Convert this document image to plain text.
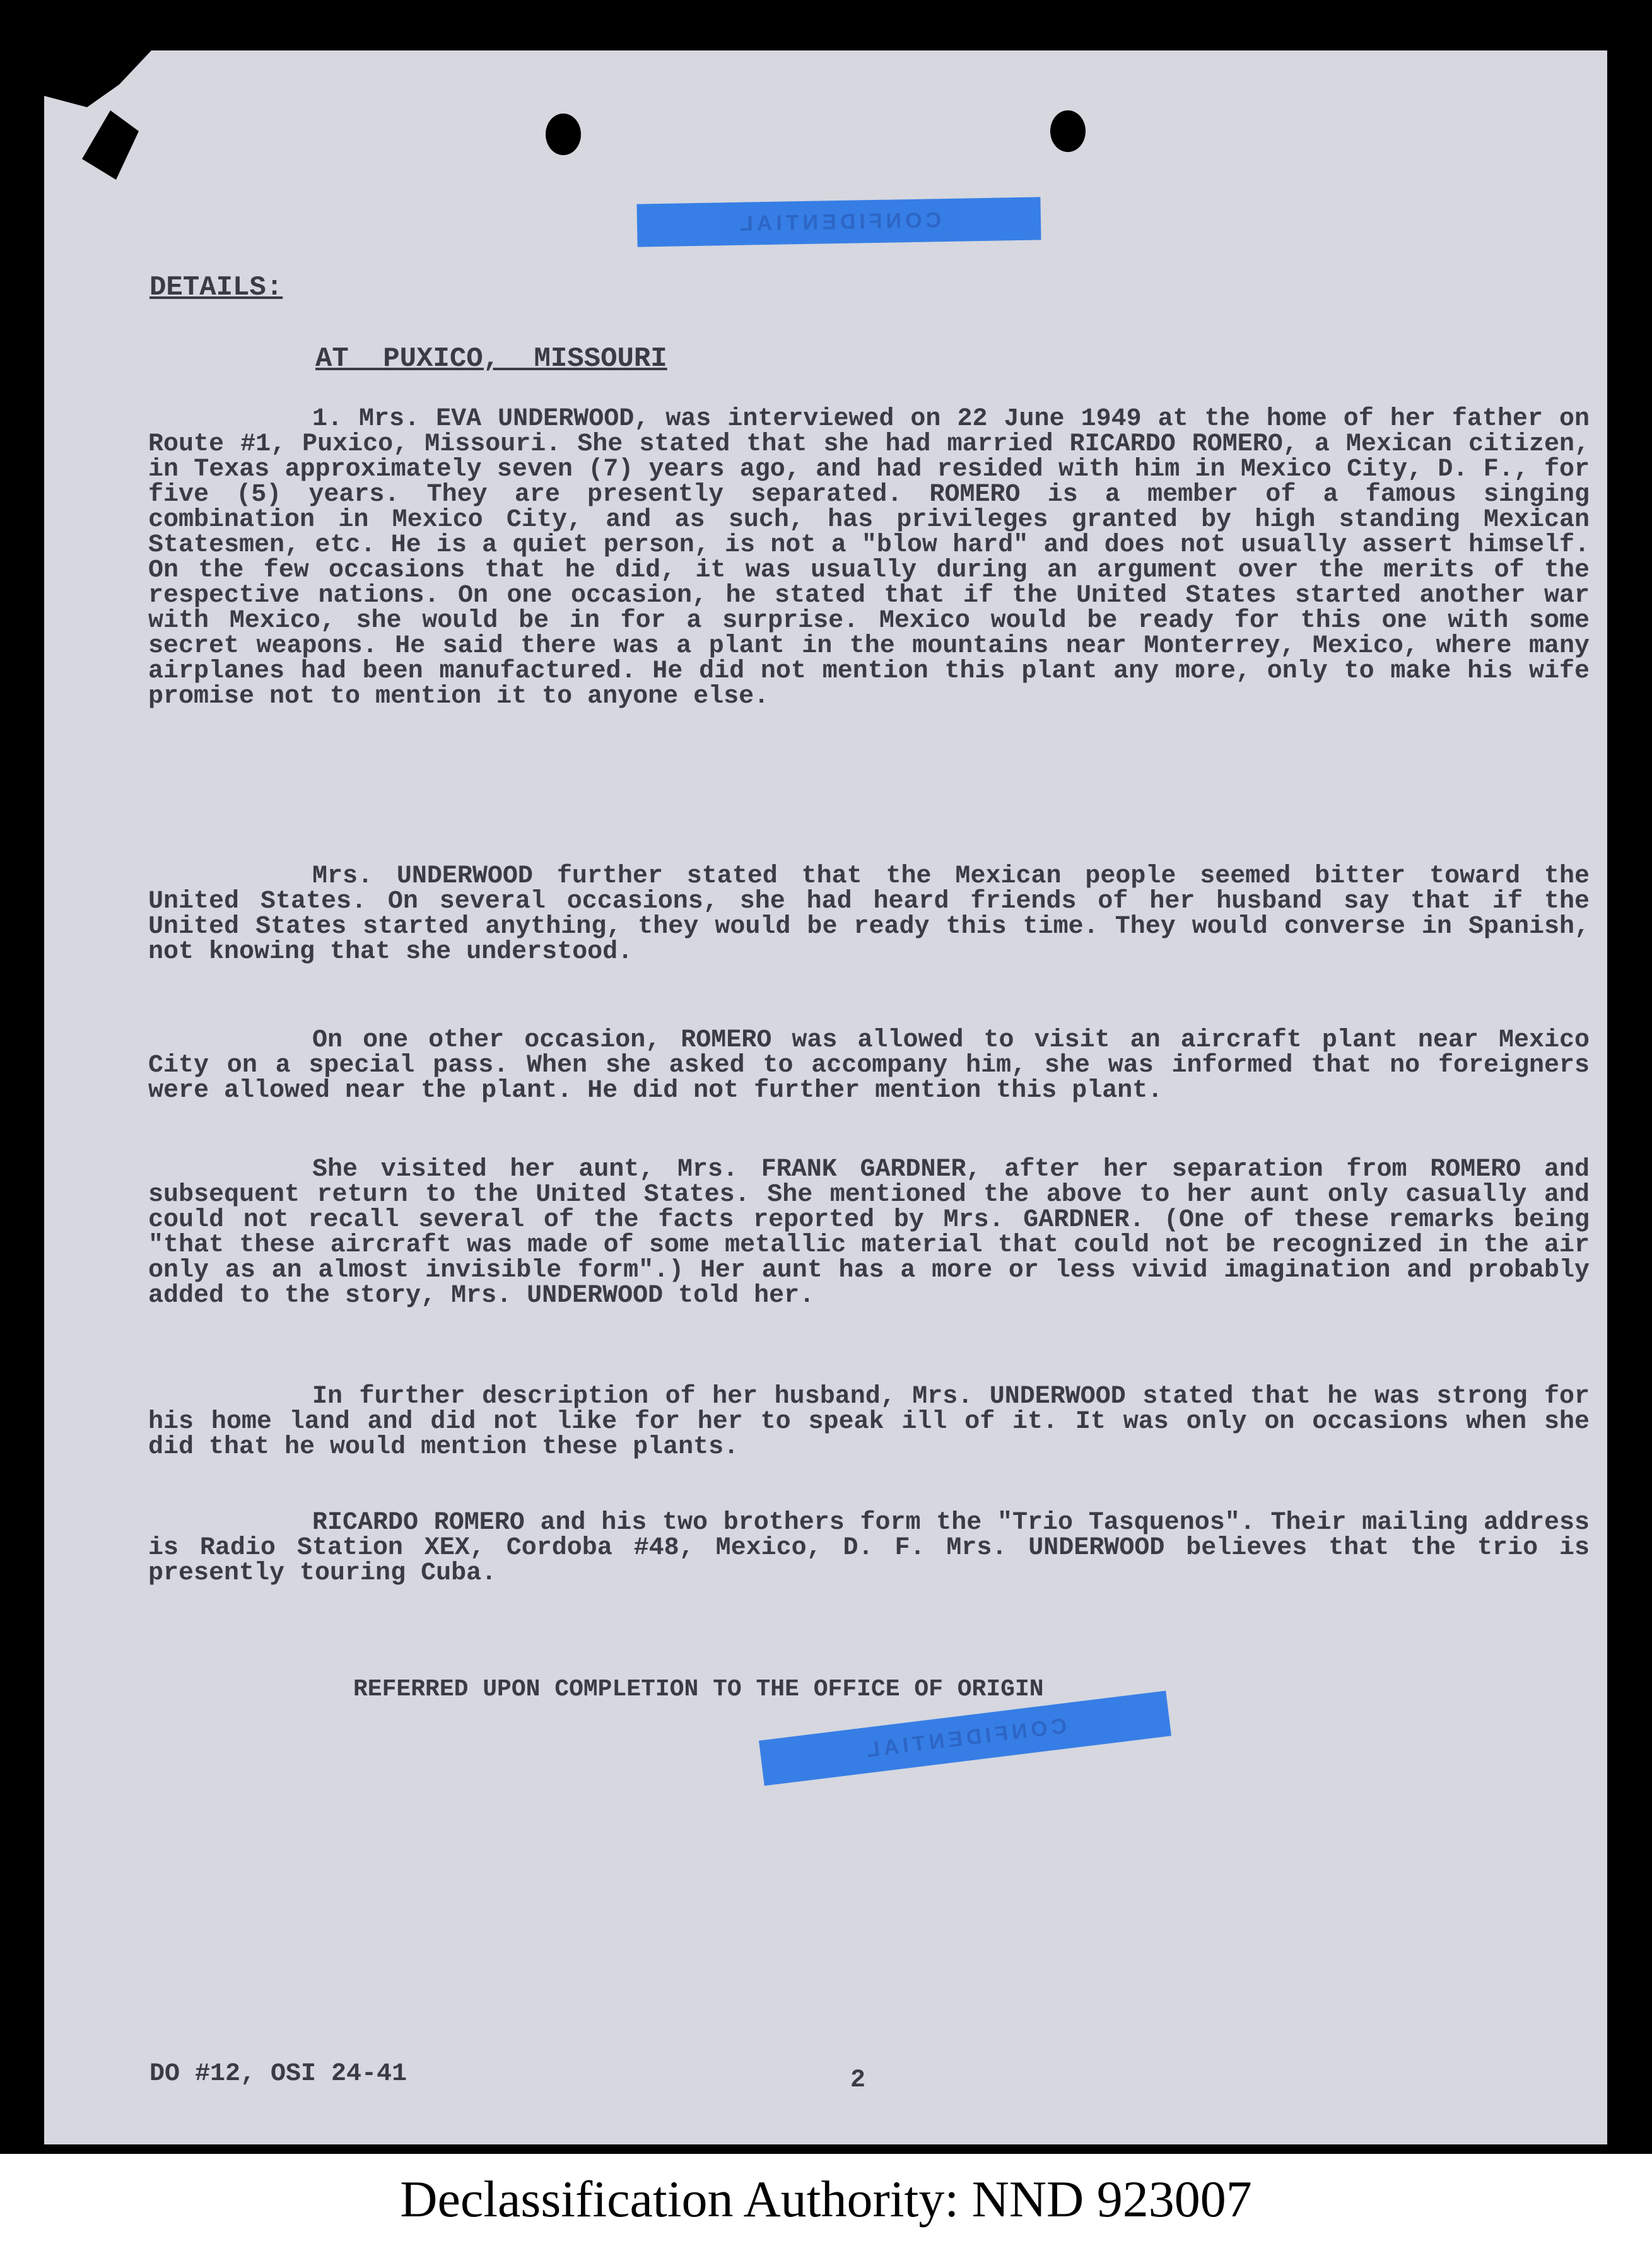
CONFIDENTIAL
DETAILS:
AT PUXICO, MISSOURI
1. Mrs. EVA UNDERWOOD, was interviewed on 22 June 1949 at the home of her father on Route #1, Puxico, Missouri. She stated that she had married RICARDO ROMERO, a Mexican citizen, in Texas approximately seven (7) years ago, and had resided with him in Mexico City, D. F., for five (5) years. They are presently separated. ROMERO is a member of a famous singing combination in Mexico City, and as such, has privileges granted by high standing Mexican Statesmen, etc. He is a quiet person, is not a "blow hard" and does not usually assert himself. On the few occasions that he did, it was usually during an argument over the merits of the respective nations. On one occasion, he stated that if the United States started another war with Mexico, she would be in for a surprise. Mexico would be ready for this one with some secret weapons. He said there was a plant in the mountains near Monterrey, Mexico, where many airplanes had been manufactured. He did not mention this plant any more, only to make his wife promise not to mention it to anyone else.
Mrs. UNDERWOOD further stated that the Mexican people seemed bitter toward the United States. On several occasions, she had heard friends of her husband say that if the United States started anything, they would be ready this time. They would converse in Spanish, not knowing that she understood.
On one other occasion, ROMERO was allowed to visit an aircraft plant near Mexico City on a special pass. When she asked to accompany him, she was informed that no foreigners were allowed near the plant. He did not further mention this plant.
She visited her aunt, Mrs. FRANK GARDNER, after her separation from ROMERO and subsequent return to the United States. She mentioned the above to her aunt only casually and could not recall several of the facts reported by Mrs. GARDNER. (One of these remarks being "that these aircraft was made of some metallic material that could not be recognized in the air only as an almost invisible form".) Her aunt has a more or less vivid imagination and probably added to the story, Mrs. UNDERWOOD told her.
In further description of her husband, Mrs. UNDERWOOD stated that he was strong for his home land and did not like for her to speak ill of it. It was only on occasions when she did that he would mention these plants.
RICARDO ROMERO and his two brothers form the "Trio Tasquenos". Their mailing address is Radio Station XEX, Cordoba #48, Mexico, D. F. Mrs. UNDERWOOD believes that the trio is presently touring Cuba.
REFERRED UPON COMPLETION TO THE OFFICE OF ORIGIN
CONFIDENTIAL
DO #12, OSI 24-41	2
Declassification Authority: NND 923007
